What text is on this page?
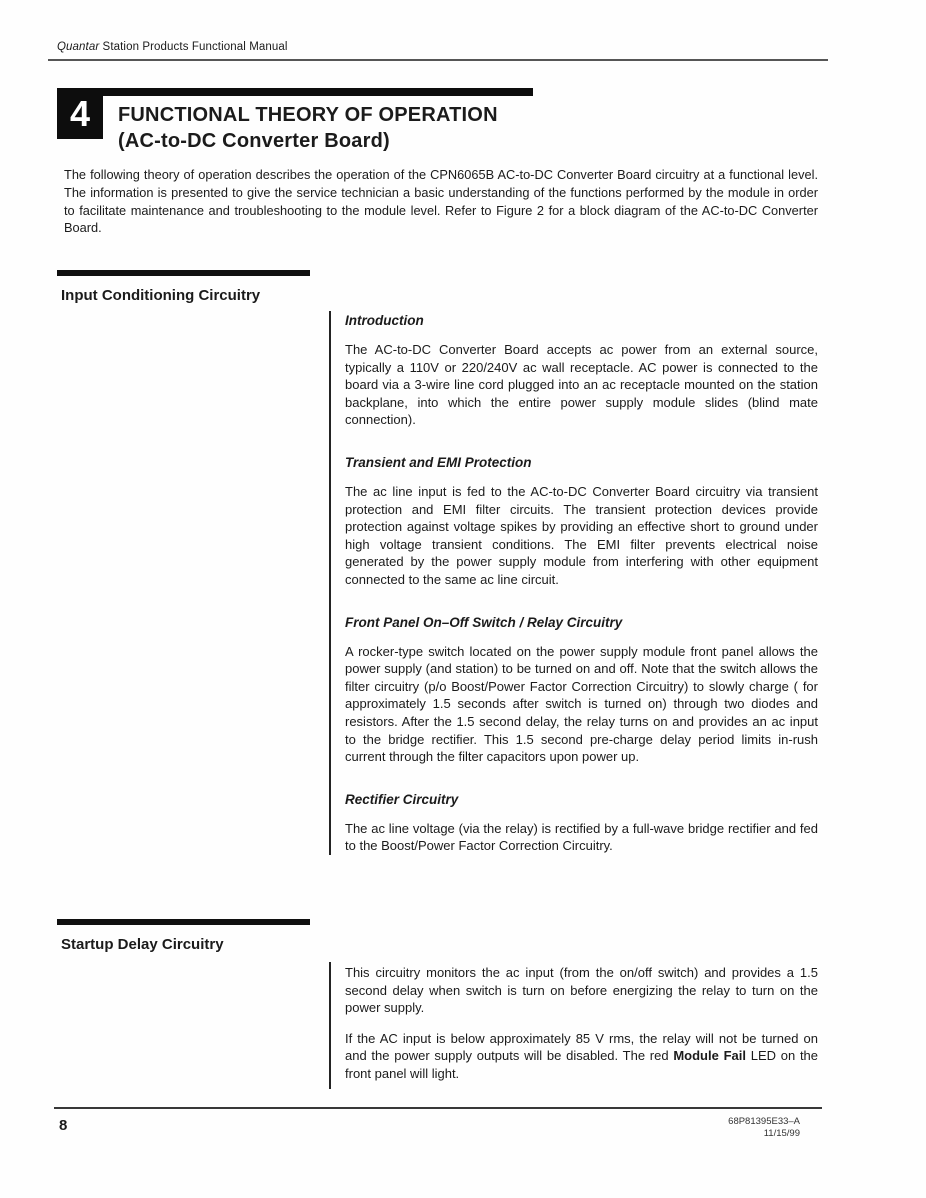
Quantar Station Products Functional Manual
4	FUNCTIONAL THEORY OF OPERATION
(AC-to-DC Converter Board)

The following theory of operation describes the operation of the CPN6065B AC-to-DC Converter Board circuitry at a functional level. The information is presented to give the service technician a basic understanding of the functions performed by the module in order to facilitate maintenance and troubleshooting to the module level. Refer to Figure 2 for a block diagram of the AC-to-DC Converter Board.

Input Conditioning Circuitry
Introduction

The AC-to-DC Converter Board accepts ac power from an external source, typically a 110V or 220/240V ac wall receptacle. AC power is connected to the board via a 3-wire line cord plugged into an ac receptacle mounted on the station backplane, into which the entire power supply module slides (blind mate connection).

Transient and EMI Protection

The ac line input is fed to the AC-to-DC Converter Board circuitry via transient protection and EMI filter circuits. The transient protection devices provide protection against voltage spikes by providing an effective short to ground under high voltage transient conditions. The EMI filter prevents electrical noise generated by the power supply module from interfering with other equipment connected to the same ac line circuit.

Front Panel On–Off Switch / Relay Circuitry

A rocker-type switch located on the power supply module front panel allows the power supply (and station) to be turned on and off. Note that the switch allows the filter circuitry (p/o Boost/Power Factor Correction Circuitry) to slowly charge ( for approximately 1.5 seconds after switch is turned on) through two diodes and resistors. After the 1.5 second delay, the relay turns on and provides an ac input to the bridge rectifier. This 1.5 second pre-charge delay period limits in-rush current through the filter capacitors upon power up.

Rectifier Circuitry

The ac line voltage (via the relay) is rectified by a full-wave bridge rectifier and fed to the Boost/Power Factor Correction Circuitry.

Startup Delay Circuitry

This circuitry monitors the ac input (from the on/off switch) and provides a 1.5 second delay when switch is turn on before energizing the relay to turn on the power supply.

If the AC input is below approximately 85 V rms, the relay will not be turned on and the power supply outputs will be disabled. The red Module Fail LED on the front panel will light.

8	68P81395E33–A
11/15/99
